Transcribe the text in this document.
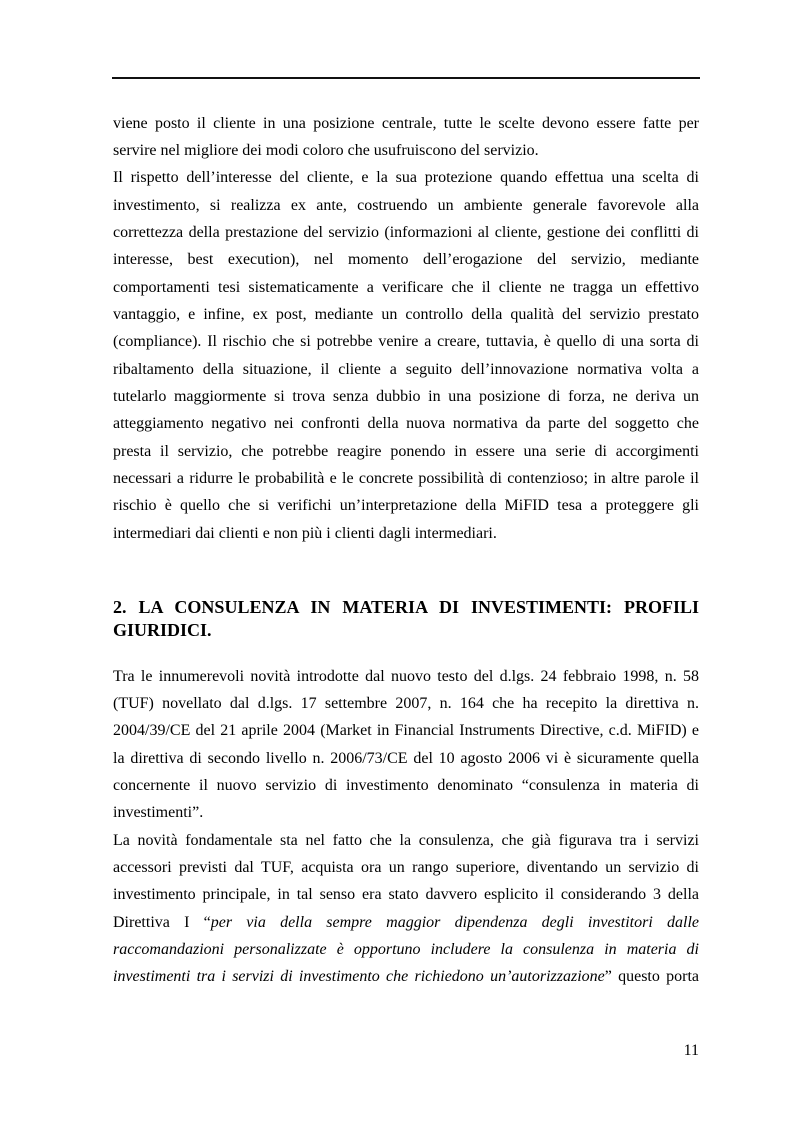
viene posto il cliente in una posizione centrale, tutte le scelte devono essere fatte per
servire nel migliore dei modi coloro che usufruiscono del servizio.
Il rispetto dell’interesse del cliente, e la sua protezione quando effettua una scelta di
investimento, si realizza ex ante, costruendo un ambiente generale favorevole alla
correttezza della prestazione del servizio (informazioni al cliente, gestione dei conflitti di
interesse, best execution), nel momento dell’erogazione del servizio, mediante
comportamenti tesi sistematicamente a verificare che il cliente ne tragga un effettivo
vantaggio, e infine, ex post, mediante un controllo della qualità del servizio prestato
(compliance). Il rischio che si potrebbe venire a creare, tuttavia, è quello di una sorta di
ribaltamento della situazione, il cliente a seguito dell’innovazione normativa volta a
tutelarlo maggiormente si trova senza dubbio in una posizione di forza, ne deriva un
atteggiamento negativo nei confronti della nuova normativa da parte del soggetto che
presta il servizio, che potrebbe reagire ponendo in essere una serie di accorgimenti
necessari a ridurre le probabilità e le concrete possibilità di contenzioso; in altre parole il
rischio è quello che si verifichi un’interpretazione della MiFID tesa a proteggere gli
intermediari dai clienti e non più i clienti dagli intermediari.
2. LA CONSULENZA IN MATERIA DI INVESTIMENTI: PROFILI
GIURIDICI.
Tra le innumerevoli novità introdotte dal nuovo testo del d.lgs. 24 febbraio 1998, n. 58
(TUF) novellato dal d.lgs. 17 settembre 2007, n. 164 che ha recepito la direttiva n.
2004/39/CE del 21 aprile 2004 (Market in Financial Instruments Directive, c.d. MiFID) e
la direttiva di secondo livello n. 2006/73/CE del 10 agosto 2006 vi è sicuramente quella
concernente il nuovo servizio di investimento denominato “consulenza in materia di
investimenti”.
La novità fondamentale sta nel fatto che la consulenza, che già figurava tra i servizi
accessori previsti dal TUF, acquista ora un rango superiore, diventando un servizio di
investimento principale, in tal senso era stato davvero esplicito il considerando 3 della
Direttiva I “per via della sempre maggior dipendenza degli investitori dalle
raccomandazioni personalizzate è opportuno includere la consulenza in materia di
investimenti tra i servizi di investimento che richiedono un’autorizzazione” questo porta
11
